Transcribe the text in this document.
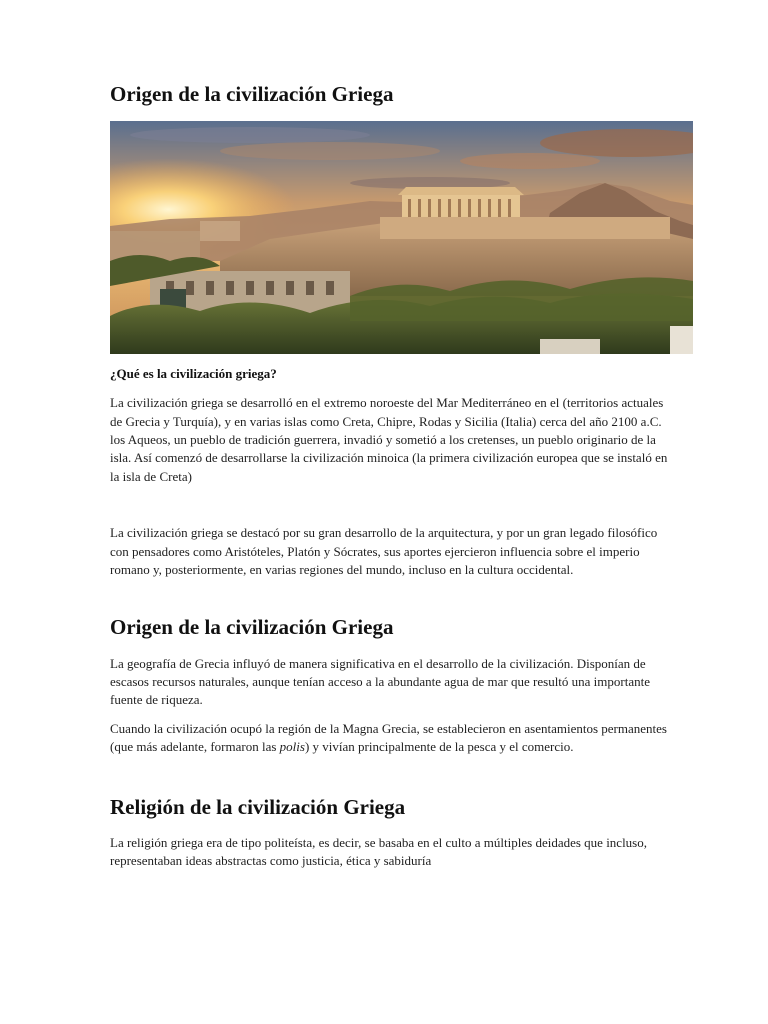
Origen de la civilización Griega
¿Qué es la civilización griega?

La civilización griega se desarrolló en el extremo noroeste del Mar Mediterráneo en el (territorios actuales de Grecia y Turquía), y en varias islas como Creta, Chipre, Rodas y Sicilia (Italia) cerca del año 2100 a.C. los Aqueos, un pueblo de tradición guerrera, invadió y sometió a los cretenses, un pueblo originario de la isla. Así comenzó de desarrollarse la civilización minoica (la primera civilización europea que se instaló en la isla de Creta)

La civilización griega se destacó por su gran desarrollo de la arquitectura, y por un gran legado filosófico con pensadores como Aristóteles, Platón y Sócrates, sus aportes ejercieron influencia sobre el imperio romano y, posteriormente, en varias regiones del mundo, incluso en la cultura occidental.

Origen de la civilización Griega

La geografía de Grecia influyó de manera significativa en el desarrollo de la civilización. Disponían de escasos recursos naturales, aunque tenían acceso a la abundante agua de mar que resultó una importante fuente de riqueza.

Cuando la civilización ocupó la región de la Magna Grecia, se establecieron en asentamientos permanentes (que más adelante, formaron las polis) y vivían principalmente de la pesca y el comercio.

Religión de la civilización Griega

La religión griega era de tipo politeísta, es decir, se basaba en el culto a múltiples deidades que incluso, representaban ideas abstractas como justicia, ética y sabiduría
